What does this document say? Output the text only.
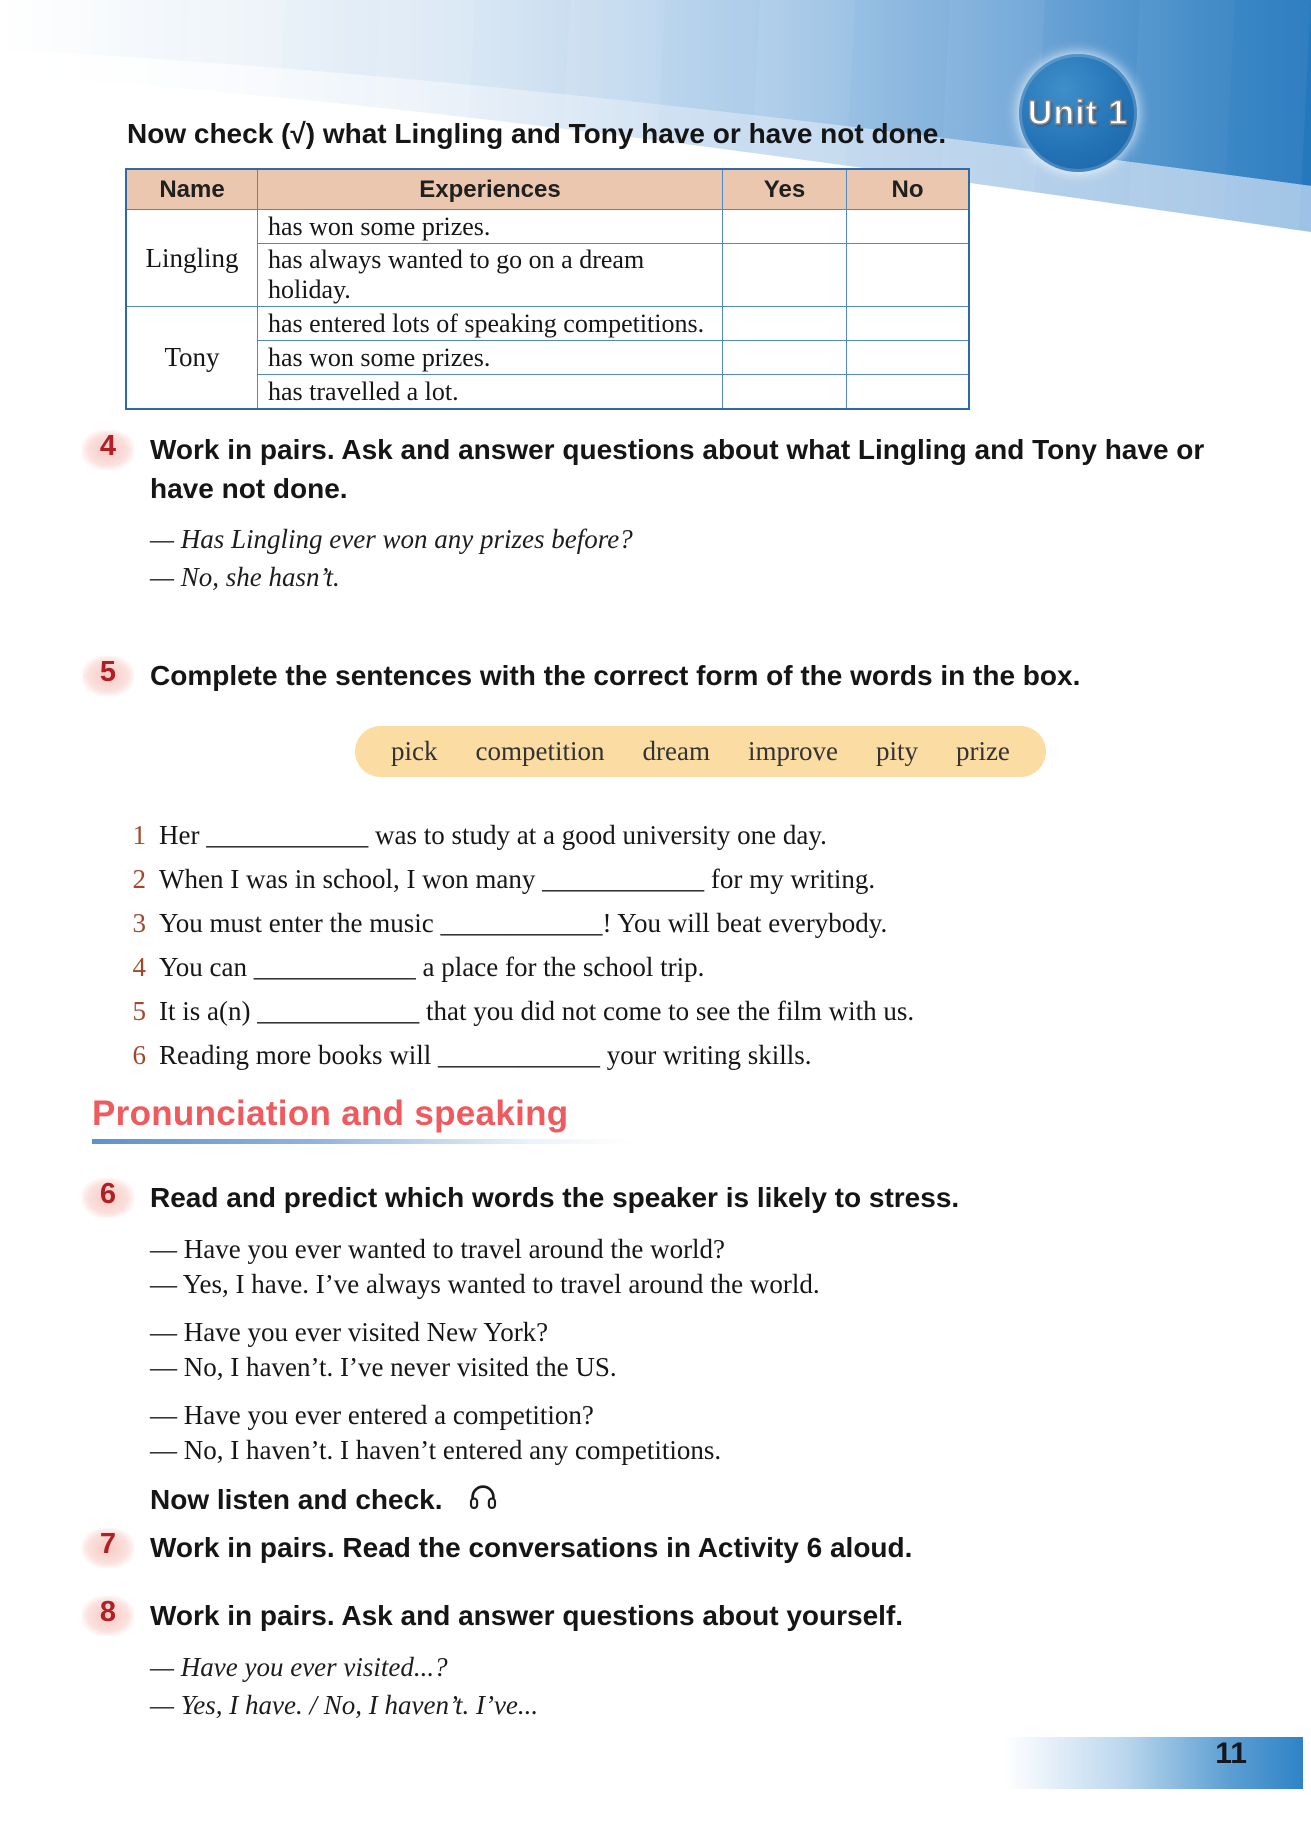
Unit 1
Now check (√) what Lingling and Tony have or have not done.
Name	Experiences	Yes	No
Lingling	has won some prizes.		
	has always wanted to go on a dream holiday.		
Tony	has entered lots of speaking competitions.		
	has won some prizes.		
	has travelled a lot.		
4	Work in pairs. Ask and answer questions about what Lingling and Tony have or have not done.
— Has Lingling ever won any prizes before?
— No, she hasn’t.
5	Complete the sentences with the correct form of the words in the box.
pick competition dream improve pity prize
1 Her ____________ was to study at a good university one day.
2 When I was in school, I won many ____________ for my writing.
3 You must enter the music ____________! You will beat everybody.
4 You can ____________ a place for the school trip.
5 It is a(n) ____________ that you did not come to see the film with us.
6 Reading more books will ____________ your writing skills.
Pronunciation and speaking
6	Read and predict which words the speaker is likely to stress.
— Have you ever wanted to travel around the world?
— Yes, I have. I’ve always wanted to travel around the world.
— Have you ever visited New York?
— No, I haven’t. I’ve never visited the US.
— Have you ever entered a competition?
— No, I haven’t. I haven’t entered any competitions.
Now listen and check.
7	Work in pairs. Read the conversations in Activity 6 aloud.
8	Work in pairs. Ask and answer questions about yourself.
— Have you ever visited...?
— Yes, I have. / No, I haven’t. I’ve...
11
